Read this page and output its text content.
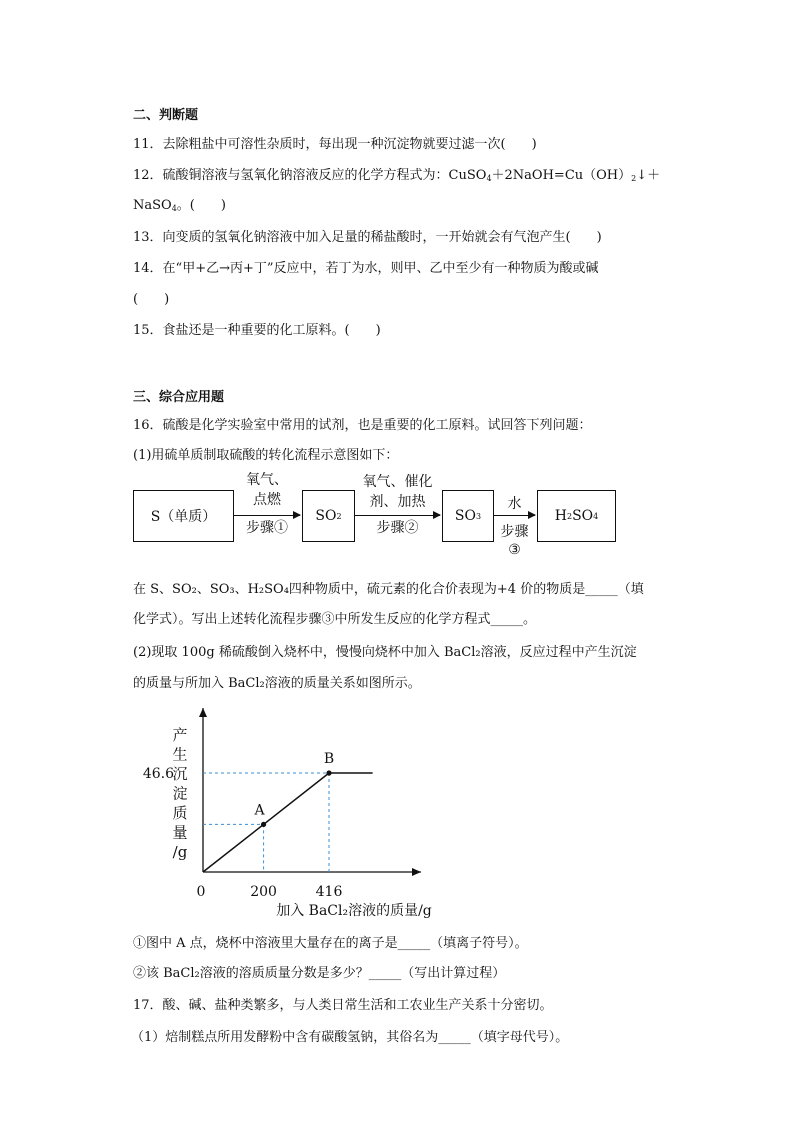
二、判断题
11．去除粗盐中可溶性杂质时，每出现一种沉淀物就要过滤一次(　　)
12．硫酸铜溶液与氢氧化钠溶液反应的化学方程式为：$CuSO_4+2NaOH=Cu(OH)_2↓+$
NaSO$_4$。(　　)
13．向变质的氢氧化钠溶液中加入足量的稀盐酸时，一开始就会有气泡产生(　　)
14．在“甲+乙→丙+丁”反应中，若丁为水，则甲、乙中至少有一种物质为酸或碱
(　　)
15．食盐还是一种重要的化工原料。(　　)
三、综合应用题
16．硫酸是化学实验室中常用的试剂，也是重要的化工原料。试回答下列问题：
(1)用硫单质制取硫酸的转化流程示意图如下：
S（单质）	SO 2	SO 3	H 2 SO 4
氧气、
点燃
步骤①
氧气、催化
剂、加热
步骤②
水
步骤
③
在 S、SO₂、SO₃、H₂SO₄四种物质中，硫元素的化合价表现为+4 价的物质是_____（填
化学式）。写出上述转化流程步骤③中所发生反应的化学方程式_____。
(2)现取 100g 稀硫酸倒入烧杯中，慢慢向烧杯中加入 BaCl₂溶液，反应过程中产生沉淀
的质量与所加入 BaCl₂溶液的质量关系如图所示。
A
B
0	200	416
46.6
产
生
沉
淀
质
量
/g
加入 BaCl₂溶液的质量/g
①图中 A 点，烧杯中溶液里大量存在的离子是_____（填离子符号）。
②该 BaCl₂溶液的溶质质量分数是多少？_____（写出计算过程）
17．酸、碱、盐种类繁多，与人类日常生活和工农业生产关系十分密切。
（1）焙制糕点所用发酵粉中含有碳酸氢钠，其俗名为_____（填字母代号）。
